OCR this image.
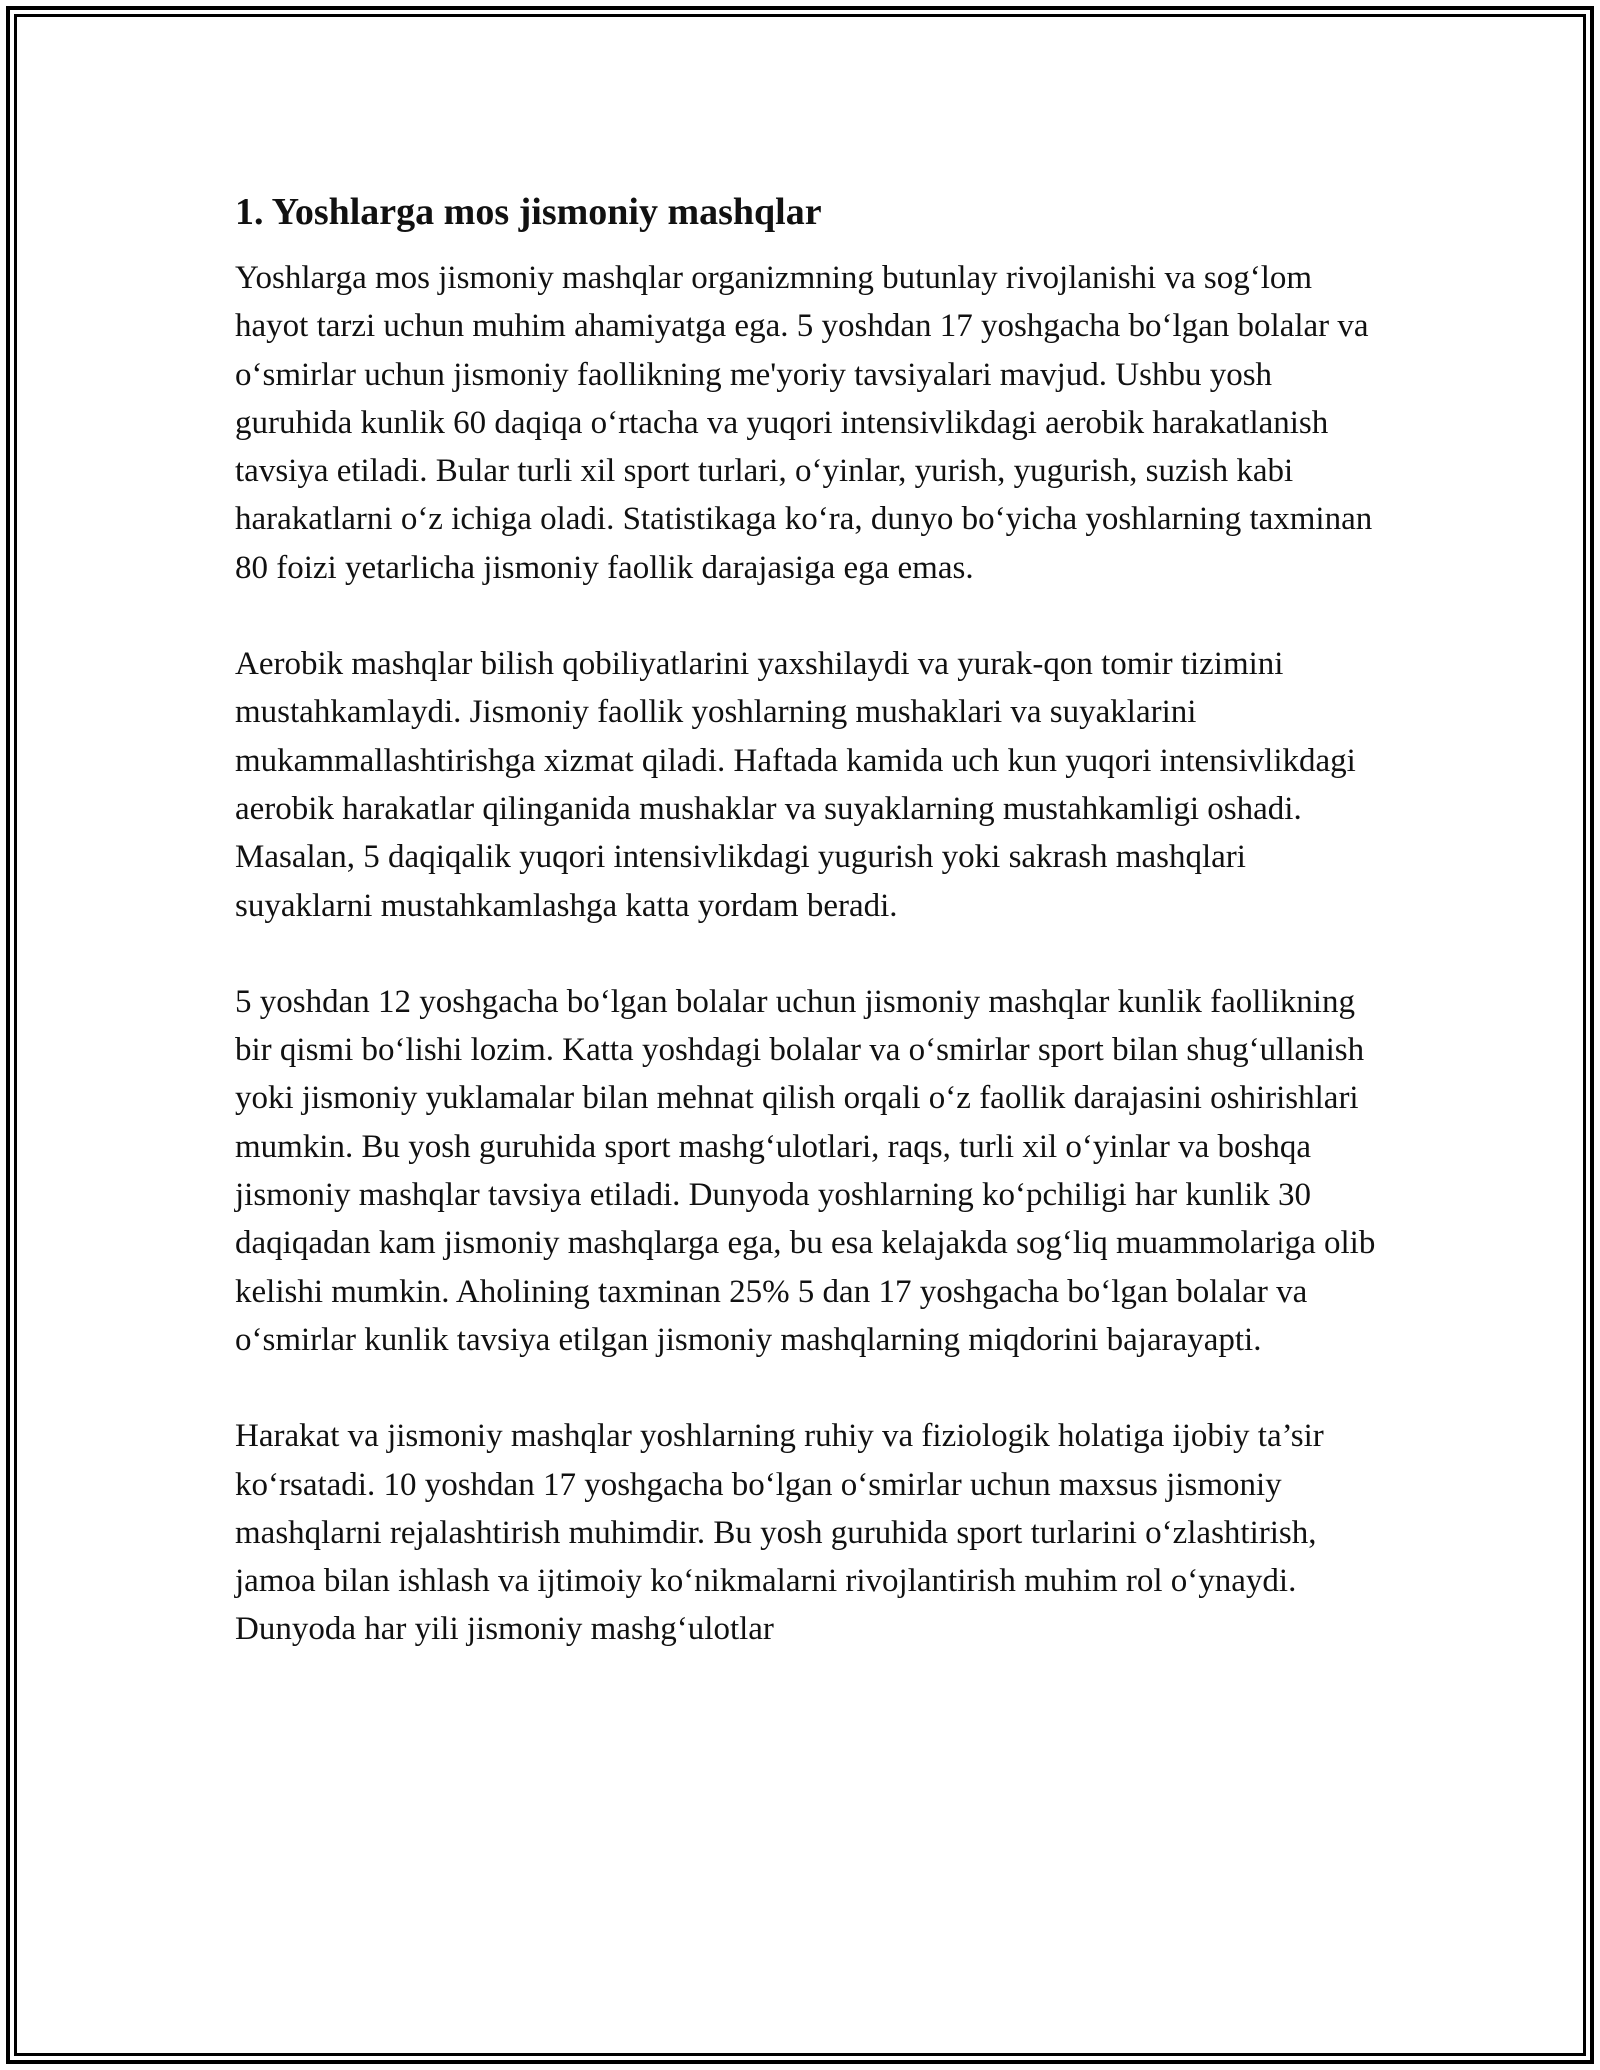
1. Yoshlarga mos jismoniy mashqlar

Yoshlarga mos jismoniy mashqlar organizmning butunlay rivojlanishi va sog‘lom hayot tarzi uchun muhim ahamiyatga ega. 5 yoshdan 17 yoshgacha bo‘lgan bolalar va o‘smirlar uchun jismoniy faollikning me'yoriy tavsiyalari mavjud. Ushbu yosh guruhida kunlik 60 daqiqa o‘rtacha va yuqori intensivlikdagi aerobik harakatlanish tavsiya etiladi. Bular turli xil sport turlari, o‘yinlar, yurish, yugurish, suzish kabi harakatlarni o‘z ichiga oladi. Statistikaga ko‘ra, dunyo bo‘yicha yoshlarning taxminan 80 foizi yetarlicha jismoniy faollik darajasiga ega emas.

Aerobik mashqlar bilish qobiliyatlarini yaxshilaydi va yurak-qon tomir tizimini mustahkamlaydi. Jismoniy faollik yoshlarning mushaklari va suyaklarini mukammallashtirishga xizmat qiladi. Haftada kamida uch kun yuqori intensivlikdagi aerobik harakatlar qilinganida mushaklar va suyaklarning mustahkamligi oshadi. Masalan, 5 daqiqalik yuqori intensivlikdagi yugurish yoki sakrash mashqlari suyaklarni mustahkamlashga katta yordam beradi.

5 yoshdan 12 yoshgacha bo‘lgan bolalar uchun jismoniy mashqlar kunlik faollikning bir qismi bo‘lishi lozim. Katta yoshdagi bolalar va o‘smirlar sport bilan shug‘ullanish yoki jismoniy yuklamalar bilan mehnat qilish orqali o‘z faollik darajasini oshirishlari mumkin. Bu yosh guruhida sport mashg‘ulotlari, raqs, turli xil o‘yinlar va boshqa jismoniy mashqlar tavsiya etiladi. Dunyoda yoshlarning ko‘pchiligi har kunlik 30 daqiqadan kam jismoniy mashqlarga ega, bu esa kelajakda sog‘liq muammolariga olib kelishi mumkin. Aholining taxminan 25% 5 dan 17 yoshgacha bo‘lgan bolalar va o‘smirlar kunlik tavsiya etilgan jismoniy mashqlarning miqdorini bajarayapti.

Harakat va jismoniy mashqlar yoshlarning ruhiy va fiziologik holatiga ijobiy ta’sir ko‘rsatadi. 10 yoshdan 17 yoshgacha bo‘lgan o‘smirlar uchun maxsus jismoniy mashqlarni rejalashtirish muhimdir. Bu yosh guruhida sport turlarini o‘zlashtirish, jamoa bilan ishlash va ijtimoiy ko‘nikmalarni rivojlantirish muhim rol o‘ynaydi. Dunyoda har yili jismoniy mashg‘ulotlar
